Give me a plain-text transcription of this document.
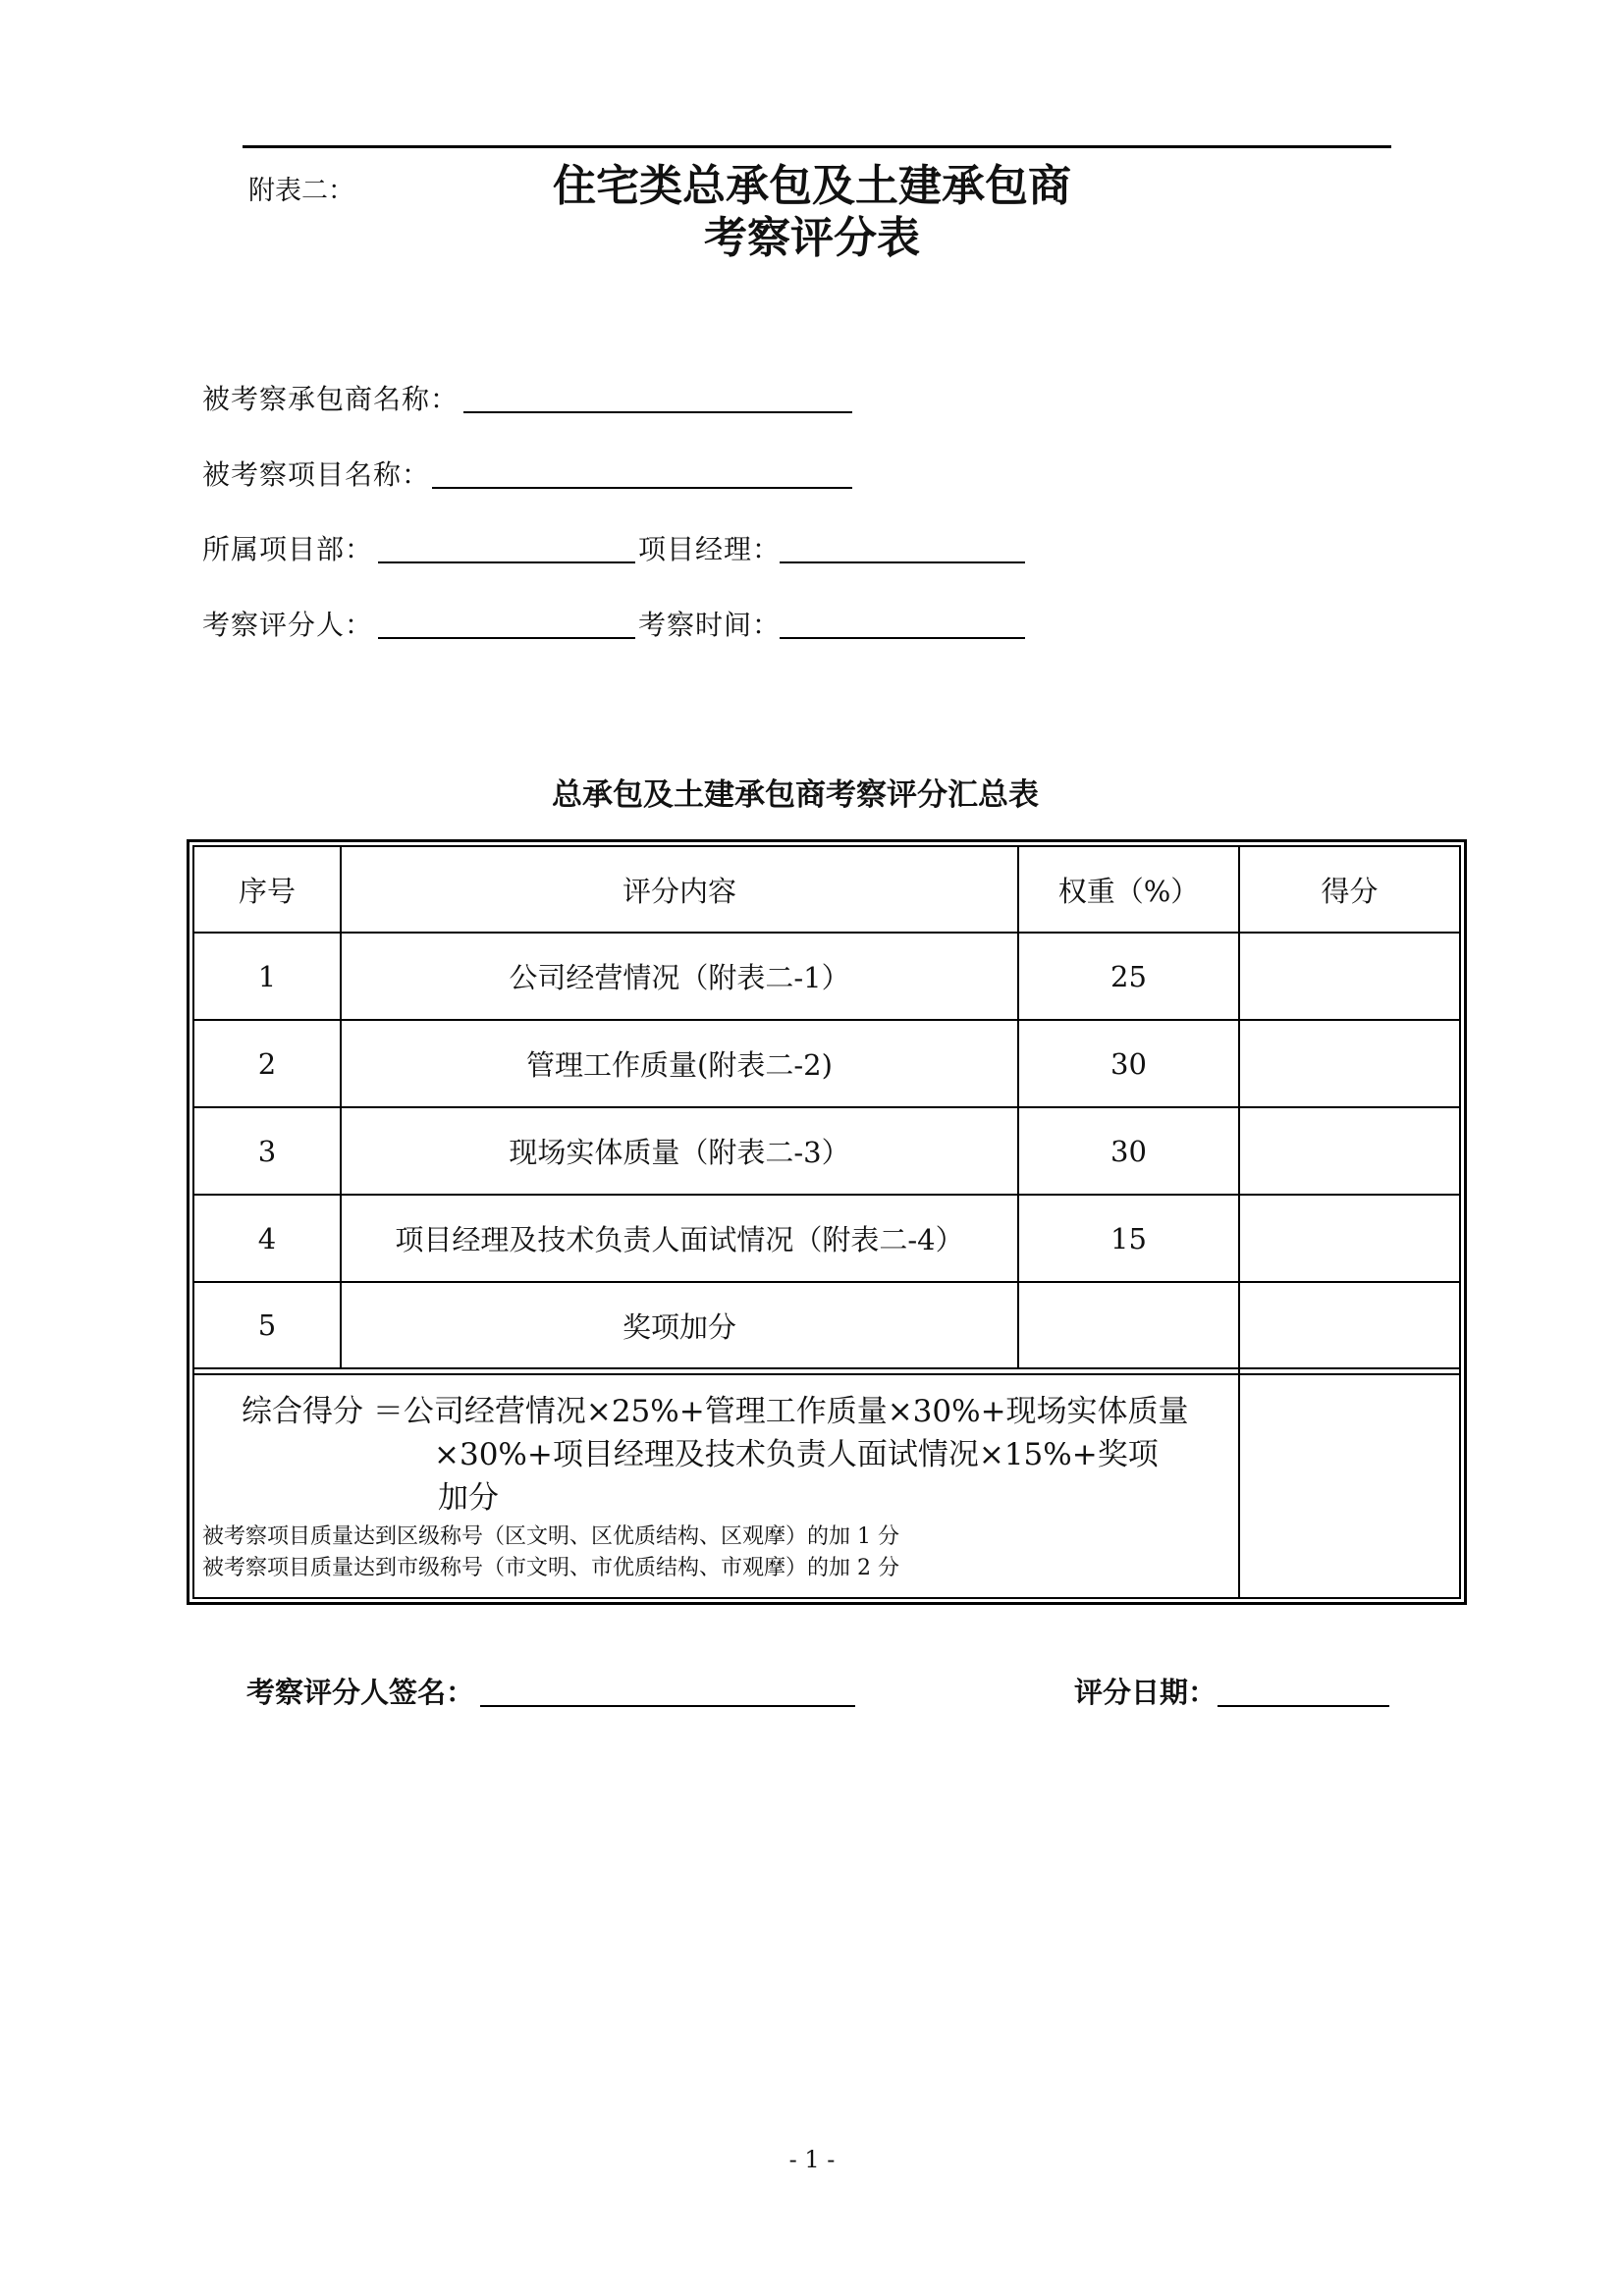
附表二：	住宅类总承包及土建承包商
考察评分表
被考察承包商名称：
被考察项目名称：
所属项目部：	项目经理：
考察评分人：	考察时间：
总承包及土建承包商考察评分汇总表
序号	评分内容	权重（%）	得分
1	公司经营情况（附表二-1）	25
2	管理工作质量(附表二-2)	30
3	现场实体质量（附表二-3）	30
4	项目经理及技术负责人面试情况（附表二-4）	15
5	奖项加分
综合得分 ＝公司经营情况×25%+管理工作质量×30%+现场实体质量
×30%+项目经理及技术负责人面试情况×15%+奖项
加分
被考察项目质量达到区级称号（区文明、区优质结构、区观摩）的加 1 分
被考察项目质量达到市级称号（市文明、市优质结构、市观摩）的加 2 分
考察评分人签名：	评分日期：
- 1 -
